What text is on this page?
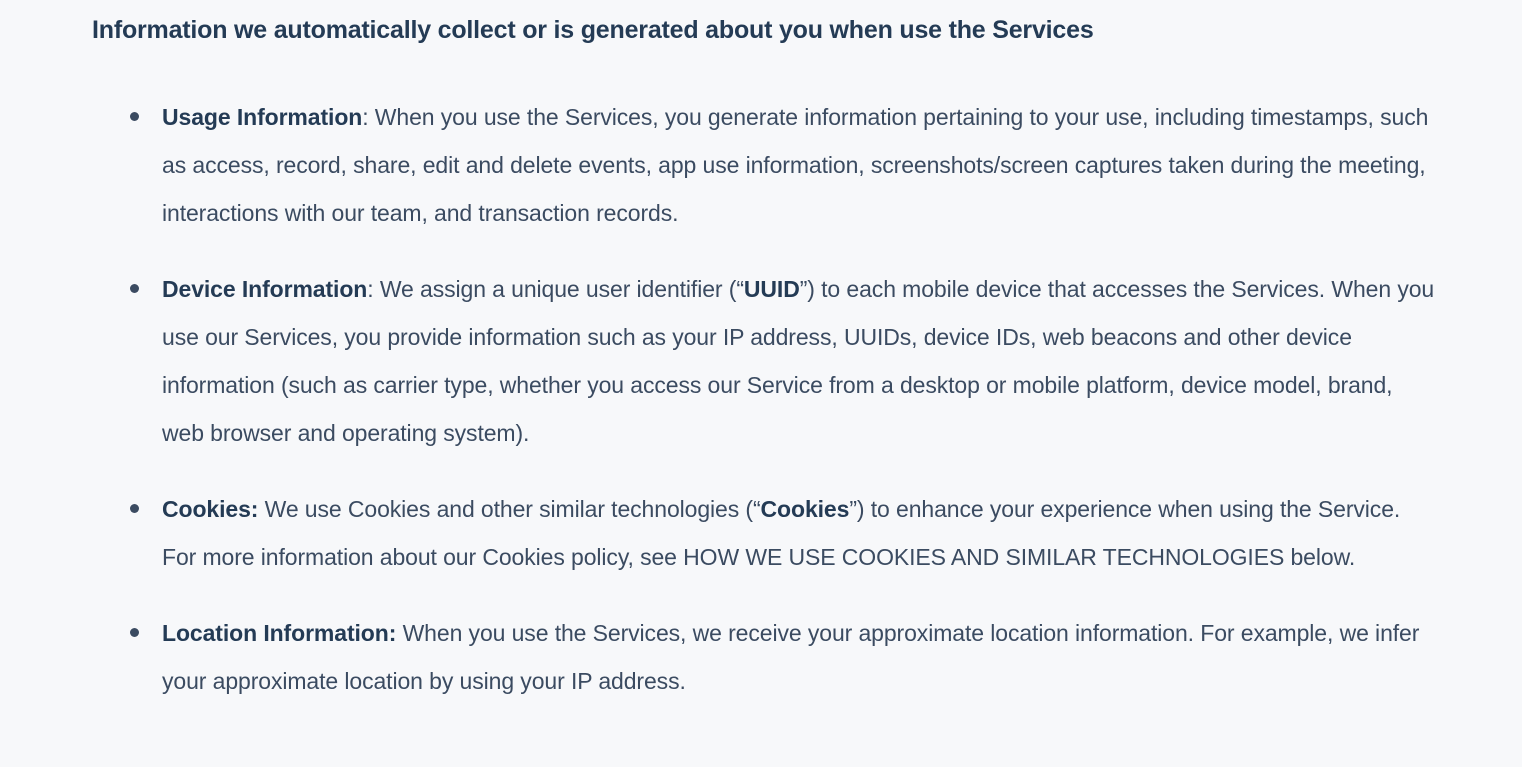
Information we automatically collect or is generated about you when use the Services
Usage Information: When you use the Services, you generate information pertaining to your use, including timestamps, such as access, record, share, edit and delete events, app use information, screenshots/screen captures taken during the meeting, interactions with our team, and transaction records.
Device Information: We assign a unique user identifier (“UUID”) to each mobile device that accesses the Services. When you use our Services, you provide information such as your IP address, UUIDs, device IDs, web beacons and other device information (such as carrier type, whether you access our Service from a desktop or mobile platform, device model, brand, web browser and operating system).
Cookies: We use Cookies and other similar technologies (“Cookies”) to enhance your experience when using the Service. For more information about our Cookies policy, see HOW WE USE COOKIES AND SIMILAR TECHNOLOGIES below.
Location Information: When you use the Services, we receive your approximate location information. For example, we infer your approximate location by using your IP address.
